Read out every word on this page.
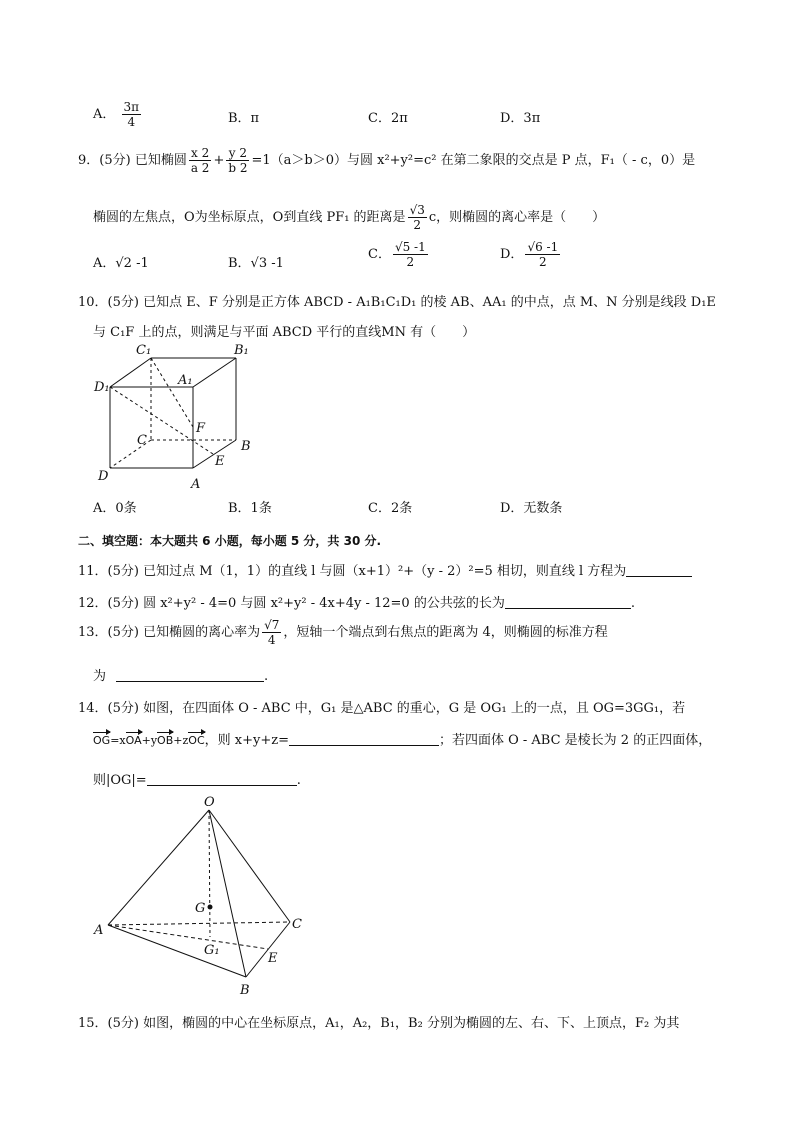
A． $\frac{3\pi}{4}$	B．π	C．2π	D．3π
9．(5分) 已知椭圆 $\frac{x 2}{a 2} + \frac{y 2}{b 2} =1(a>b>0)$与圆 x²+y²=c² 在第二象限的交点是 P 点，F₁（ - c，0）是
椭圆的左焦点，O为坐标原点，O到直线 PF₁ 的距离是 $\frac{√3}{2}$ c，则椭圆的离心率是（　　）
A．√2 -1	B．√3 -1
C． $\frac{√5 -1}{2}$	D． $\frac{√6 -1}{2}$
10．(5分) 已知点 E、F 分别是正方体 ABCD - A₁B₁C₁D₁ 的棱 AB、AA₁ 的中点，点 M、N 分别是线段 D₁E
与 C₁F 上的点，则满足与平面 ABCD 平行的直线MN 有（　　）
C₁	B₁
D₁	A₁
F
C	B
E
D
A
A．0条	B．1条	C．2条	D．无数条
二、填空题：本大题共 6 小题，每小题 5 分，共 30 分.
11．(5分) 已知过点 M（1，1）的直线 l 与圆（x+1）²+（y - 2）²=5 相切，则直线 l 方程为
12．(5分) 圆 x²+y² - 4=0 与圆 x²+y² - 4x+4y - 12=0 的公共弦的长为	.
13．(5分) 已知椭圆的离心率为 $\frac{√7}{4}$ ，短轴一个端点到右焦点的距离为 4，则椭圆的标准方程
为	.
14．(5分) 如图，在四面体 O - ABC 中，G₁ 是△ABC 的重心，G 是 OG₁ 上的一点，且 OG=3GG₁，若
OG=xOA+yOB+zOC，则 x+y+z=	；若四面体 O - ABC 是棱长为 2 的正四面体，
则|OG|=	.
O
G
A	C
G₁
E
B
15．(5分) 如图，椭圆的中心在坐标原点，A₁，A₂，B₁，B₂ 分别为椭圆的左、右、下、上顶点，F₂ 为其
